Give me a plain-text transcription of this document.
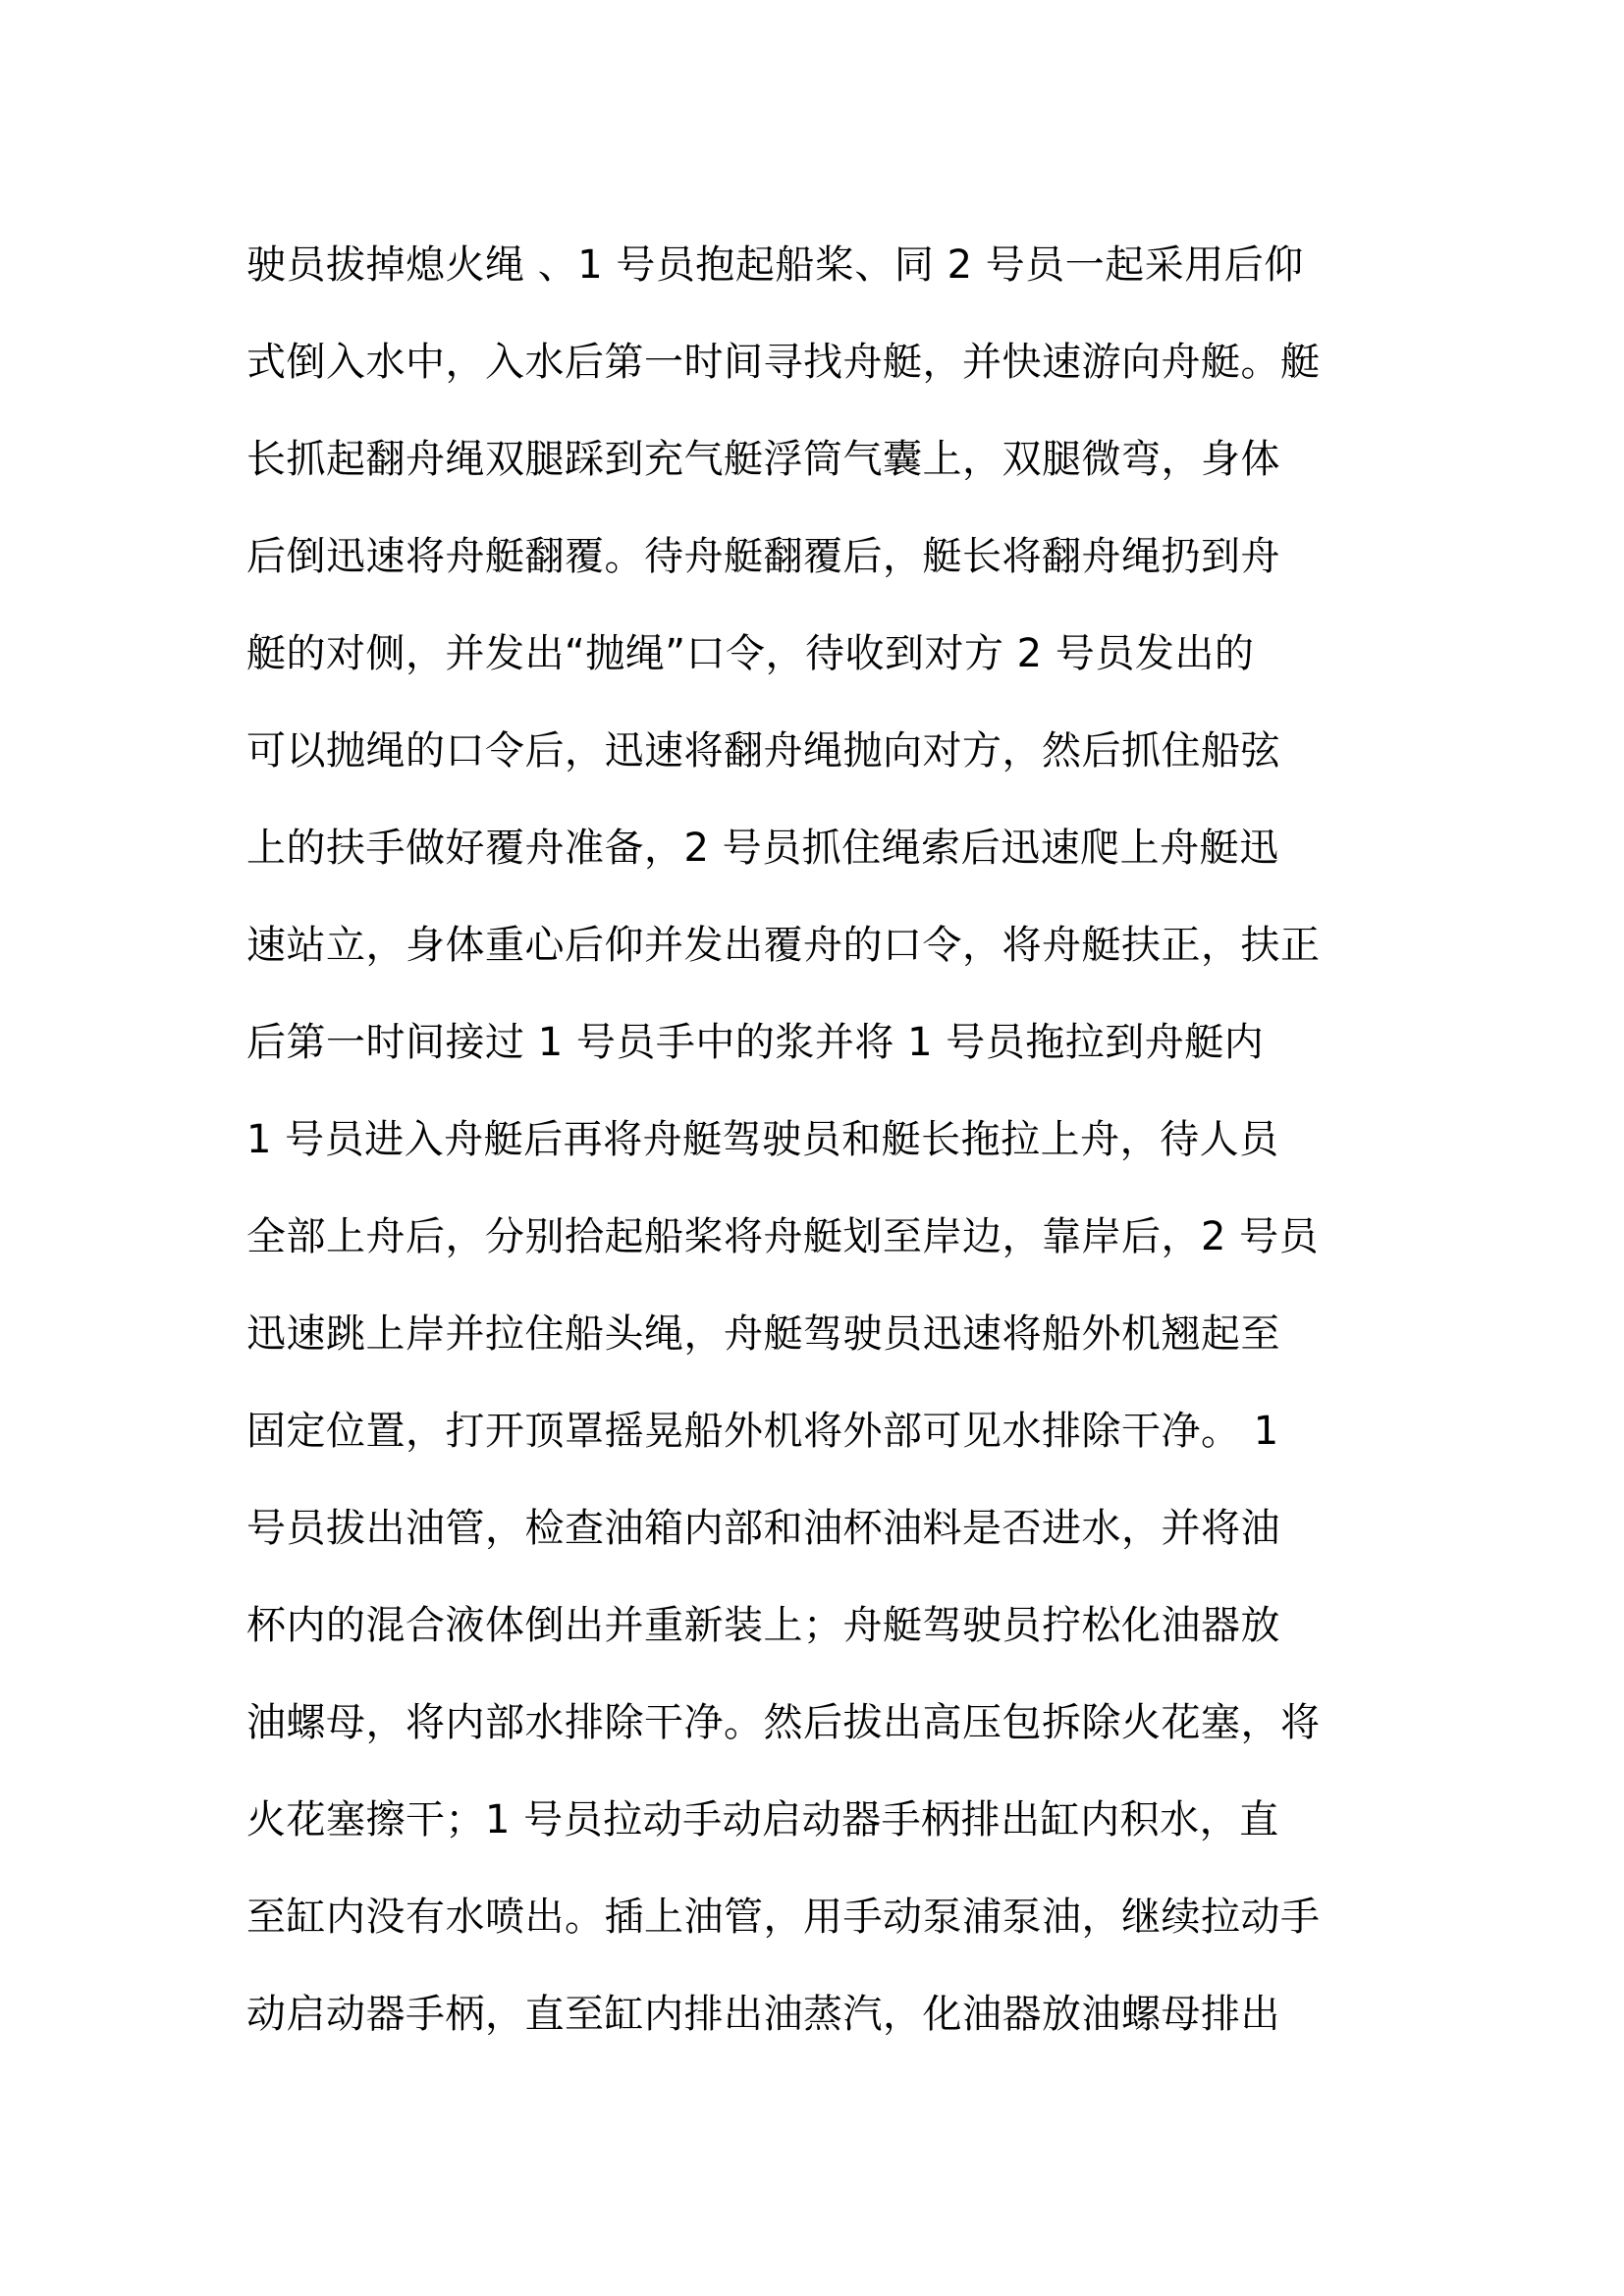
驶员拔掉熄火绳 、1 号员抱起船桨、同 2 号员一起采用后仰
式倒入水中，入水后第一时间寻找舟艇，并快速游向舟艇。艇
长抓起翻舟绳双腿踩到充气艇浮筒气囊上，双腿微弯，身体
后倒迅速将舟艇翻覆。待舟艇翻覆后，艇长将翻舟绳扔到舟
艇的对侧，并发出“抛绳”口令，待收到对方 2 号员发出的
可以抛绳的口令后，迅速将翻舟绳抛向对方，然后抓住船弦
上的扶手做好覆舟准备，2 号员抓住绳索后迅速爬上舟艇迅
速站立，身体重心后仰并发出覆舟的口令，将舟艇扶正，扶正
后第一时间接过 1 号员手中的浆并将 1 号员拖拉到舟艇内
1 号员进入舟艇后再将舟艇驾驶员和艇长拖拉上舟，待人员
全部上舟后，分别拾起船桨将舟艇划至岸边，靠岸后，2 号员
迅速跳上岸并拉住船头绳，舟艇驾驶员迅速将船外机翘起至
固定位置，打开顶罩摇晃船外机将外部可见水排除干净。 1
号员拔出油管，检查油箱内部和油杯油料是否进水，并将油
杯内的混合液体倒出并重新装上；舟艇驾驶员拧松化油器放
油螺母，将内部水排除干净。然后拔出高压包拆除火花塞，将
火花塞擦干；1 号员拉动手动启动器手柄排出缸内积水，直
至缸内没有水喷出。插上油管，用手动泵浦泵油，继续拉动手
动启动器手柄，直至缸内排出油蒸汽，化油器放油螺母排出
